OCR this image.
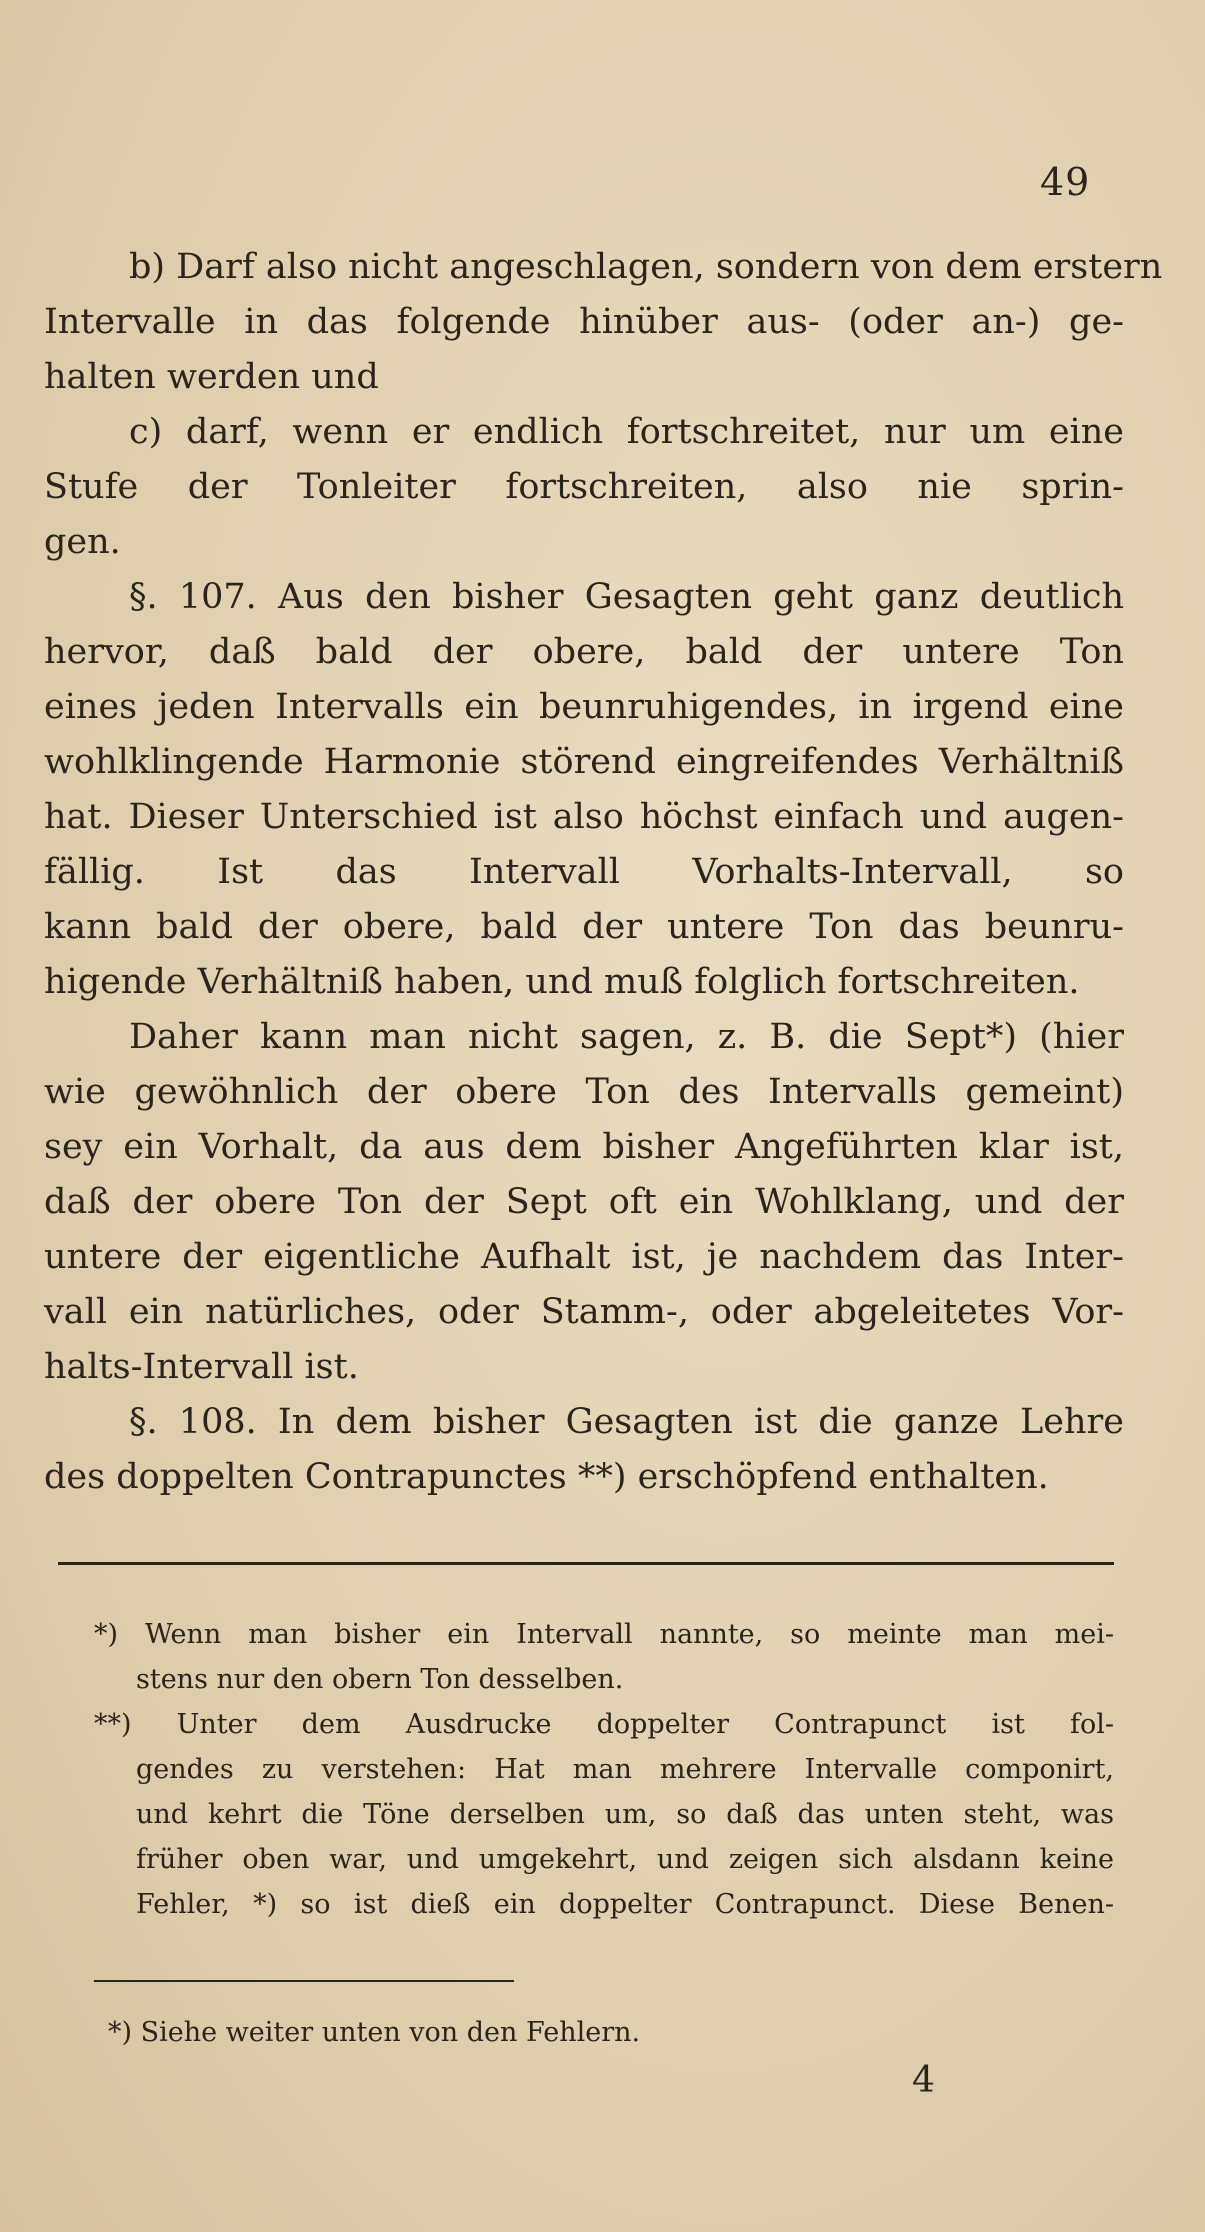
49
b) Darf also nicht angeschlagen, sondern von dem erstern
Intervalle in das folgende hinüber aus- (oder an-) ge-
halten werden und
c) darf, wenn er endlich fortschreitet, nur um eine
Stufe der Tonleiter fortschreiten, also nie sprin-
gen.
§. 107. Aus den bisher Gesagten geht ganz deutlich
hervor, daß bald der obere, bald der untere Ton
eines jeden Intervalls ein beunruhigendes, in irgend eine
wohlklingende Harmonie störend eingreifendes Verhältniß
hat. Dieser Unterschied ist also höchst einfach und augen-
fällig. Ist das Intervall Vorhalts-Intervall, so
kann bald der obere, bald der untere Ton das beunru-
higende Verhältniß haben, und muß folglich fortschreiten.
Daher kann man nicht sagen, z. B. die Sept*) (hier
wie gewöhnlich der obere Ton des Intervalls gemeint)
sey ein Vorhalt, da aus dem bisher Angeführten klar ist,
daß der obere Ton der Sept oft ein Wohlklang, und der
untere der eigentliche Aufhalt ist, je nachdem das Inter-
vall ein natürliches, oder Stamm-, oder abgeleitetes Vor-
halts-Intervall ist.
§. 108. In dem bisher Gesagten ist die ganze Lehre
des doppelten Contrapunctes **) erschöpfend enthalten.
*) Wenn man bisher ein Intervall nannte, so meinte man mei-
stens nur den obern Ton desselben.
**) Unter dem Ausdrucke doppelter Contrapunct ist fol-
gendes zu verstehen: Hat man mehrere Intervalle componirt,
und kehrt die Töne derselben um, so daß das unten steht, was
früher oben war, und umgekehrt, und zeigen sich alsdann keine
Fehler, *) so ist dieß ein doppelter Contrapunct. Diese Benen-
*) Siehe weiter unten von den Fehlern.
4
